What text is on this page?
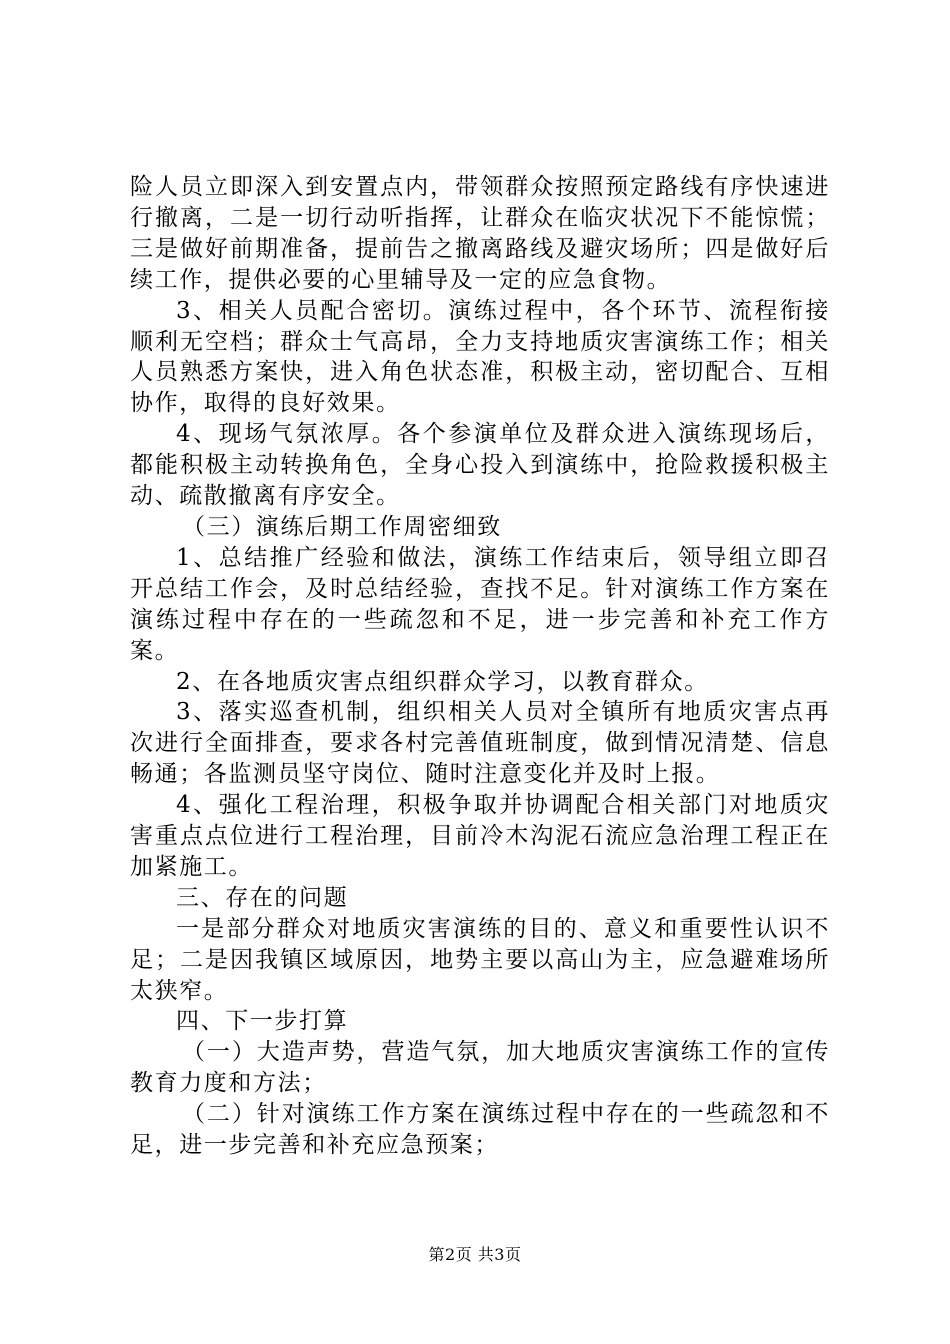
险人员立即深入到安置点内，带领群众按照预定路线有序快速进行撤离，二是一切行动听指挥，让群众在临灾状况下不能惊慌；三是做好前期准备，提前告之撤离路线及避灾场所；四是做好后续工作，提供必要的心里辅导及一定的应急食物。

3、相关人员配合密切。演练过程中，各个环节、流程衔接顺利无空档；群众士气高昂，全力支持地质灾害演练工作；相关人员熟悉方案快，进入角色状态准，积极主动，密切配合、互相协作，取得的良好效果。

4、现场气氛浓厚。各个参演单位及群众进入演练现场后，都能积极主动转换角色，全身心投入到演练中，抢险救援积极主动、疏散撤离有序安全。

（三）演练后期工作周密细致

1、总结推广经验和做法，演练工作结束后，领导组立即召开总结工作会，及时总结经验，查找不足。针对演练工作方案在演练过程中存在的一些疏忽和不足，进一步完善和补充工作方案。

2、在各地质灾害点组织群众学习，以教育群众。

3、落实巡查机制，组织相关人员对全镇所有地质灾害点再次进行全面排查，要求各村完善值班制度，做到情况清楚、信息畅通；各监测员坚守岗位、随时注意变化并及时上报。

4、强化工程治理，积极争取并协调配合相关部门对地质灾害重点点位进行工程治理，目前冷木沟泥石流应急治理工程正在加紧施工。

三、存在的问题

一是部分群众对地质灾害演练的目的、意义和重要性认识不足；二是因我镇区域原因，地势主要以高山为主，应急避难场所太狭窄。

四、下一步打算

（一）大造声势，营造气氛，加大地质灾害演练工作的宣传教育力度和方法；

（二）针对演练工作方案在演练过程中存在的一些疏忽和不足，进一步完善和补充应急预案；

第2页 共3页
